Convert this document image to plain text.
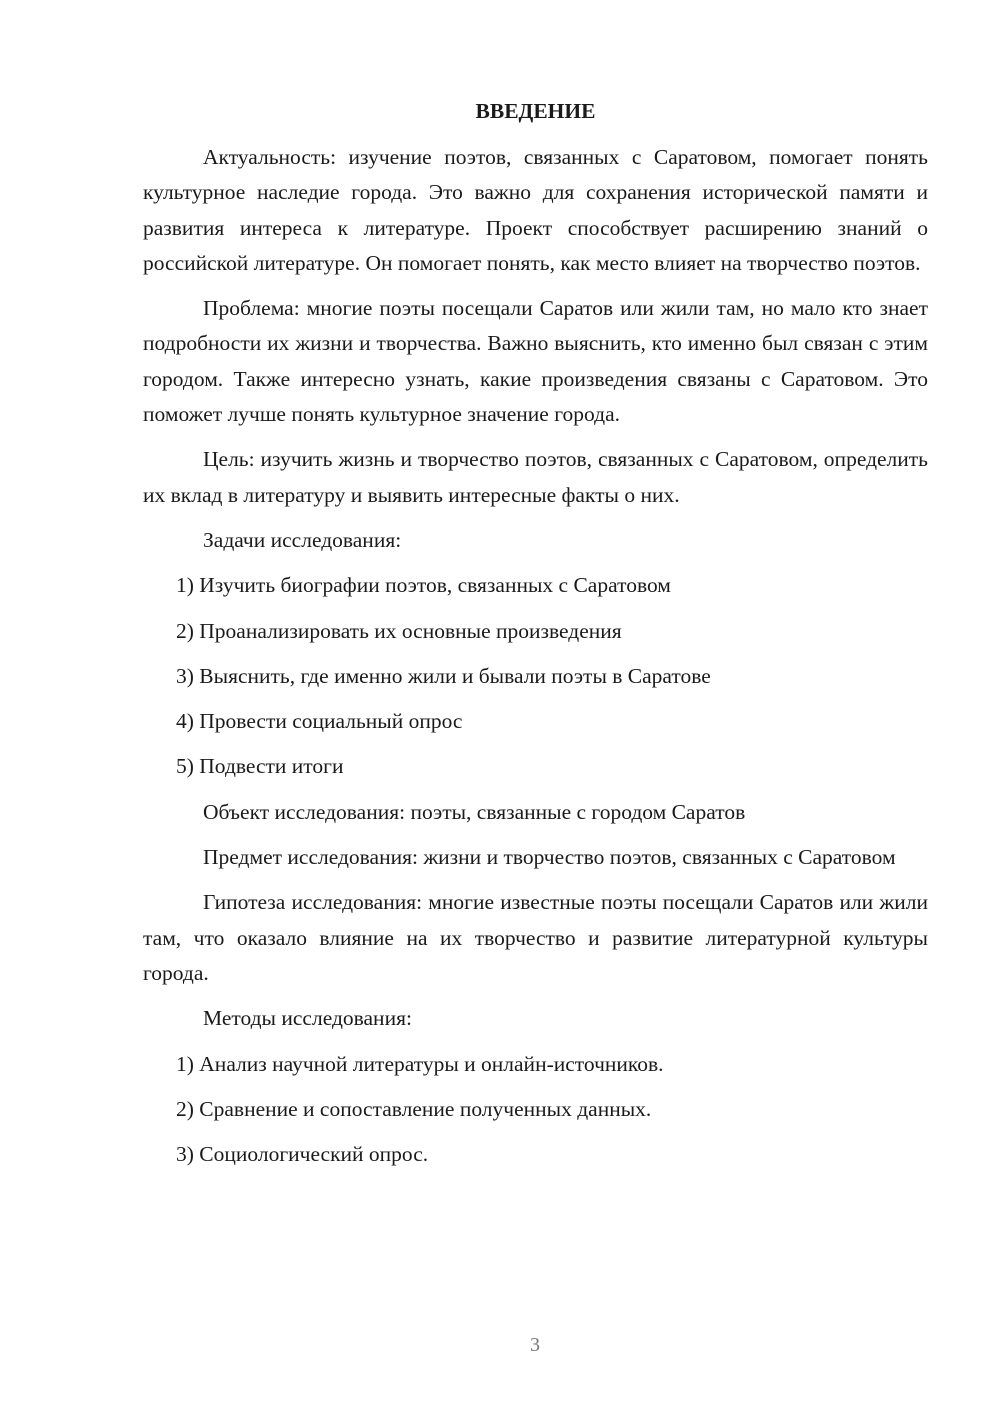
ВВЕДЕНИЕ

Актуальность: изучение поэтов, связанных с Саратовом, помогает понять культурное наследие города. Это важно для сохранения исторической памяти и развития интереса к литературе. Проект способствует расширению знаний о российской литературе. Он помогает понять, как место влияет на творчество поэтов.

Проблема: многие поэты посещали Саратов или жили там, но мало кто знает подробности их жизни и творчества. Важно выяснить, кто именно был связан с этим городом. Также интересно узнать, какие произведения связаны с Саратовом. Это поможет лучше понять культурное значение города.

Цель: изучить жизнь и творчество поэтов, связанных с Саратовом, определить их вклад в литературу и выявить интересные факты о них.

Задачи исследования:

1) Изучить биографии поэтов, связанных с Саратовом

2) Проанализировать их основные произведения

3) Выяснить, где именно жили и бывали поэты в Саратове

4) Провести социальный опрос

5) Подвести итоги

Объект исследования: поэты, связанные с городом Саратов

Предмет исследования: жизни и творчество поэтов, связанных с Саратовом

Гипотеза исследования: многие известные поэты посещали Саратов или жили там, что оказало влияние на их творчество и развитие литературной культуры города.

Методы исследования:

1) Анализ научной литературы и онлайн-источников.

2) Сравнение и сопоставление полученных данных.

3) Социологический опрос.

3
